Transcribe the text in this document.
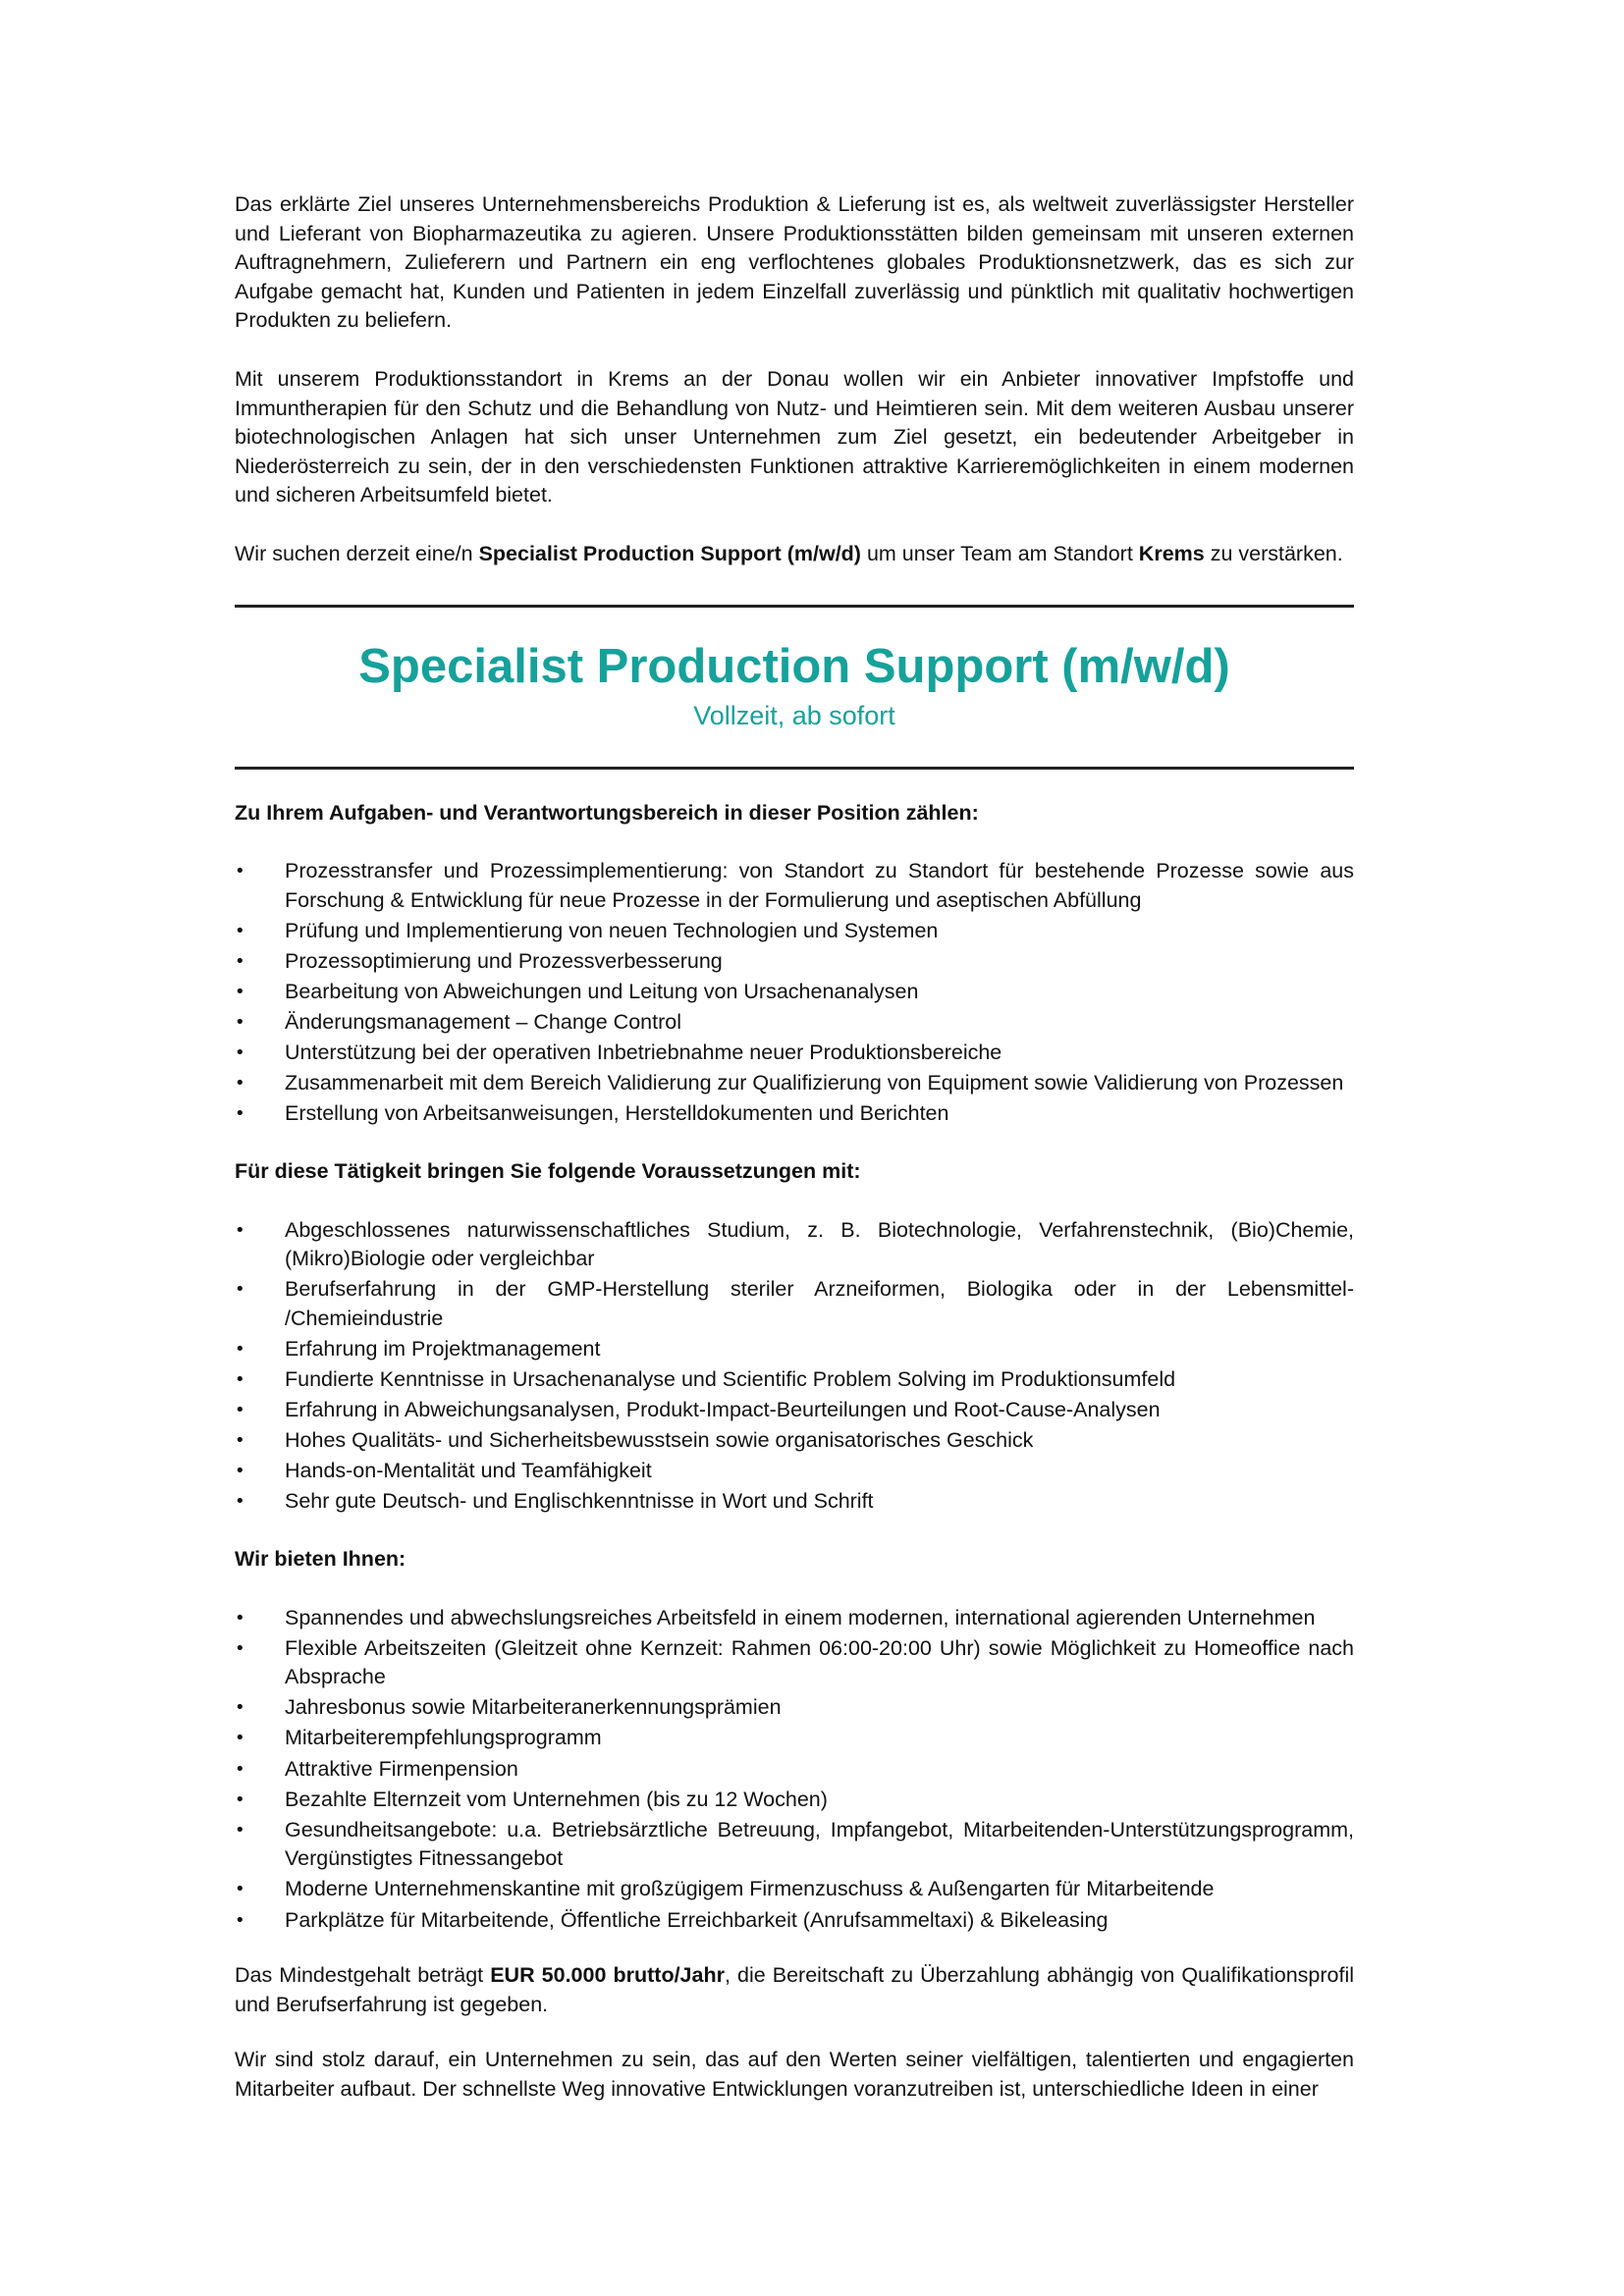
Das erklärte Ziel unseres Unternehmensbereichs Produktion & Lieferung ist es, als weltweit zuverlässigster Hersteller und Lieferant von Biopharmazeutika zu agieren. Unsere Produktionsstätten bilden gemeinsam mit unseren externen Auftragnehmern, Zulieferern und Partnern ein eng verflochtenes globales Produktionsnetzwerk, das es sich zur Aufgabe gemacht hat, Kunden und Patienten in jedem Einzelfall zuverlässig und pünktlich mit qualitativ hochwertigen Produkten zu beliefern.

Mit unserem Produktionsstandort in Krems an der Donau wollen wir ein Anbieter innovativer Impfstoffe und Immuntherapien für den Schutz und die Behandlung von Nutz- und Heimtieren sein. Mit dem weiteren Ausbau unserer biotechnologischen Anlagen hat sich unser Unternehmen zum Ziel gesetzt, ein bedeutender Arbeitgeber in Niederösterreich zu sein, der in den verschiedensten Funktionen attraktive Karrieremöglichkeiten in einem modernen und sicheren Arbeitsumfeld bietet.

Wir suchen derzeit eine/n Specialist Production Support (m/w/d) um unser Team am Standort Krems zu verstärken.

Specialist Production Support (m/w/d)
Vollzeit, ab sofort
Zu Ihrem Aufgaben- und Verantwortungsbereich in dieser Position zählen:
• Prozesstransfer und Prozessimplementierung: von Standort zu Standort für bestehende Prozesse sowie aus Forschung & Entwicklung für neue Prozesse in der Formulierung und aseptischen Abfüllung
• Prüfung und Implementierung von neuen Technologien und Systemen
• Prozessoptimierung und Prozessverbesserung
• Bearbeitung von Abweichungen und Leitung von Ursachenanalysen
• Änderungsmanagement – Change Control
• Unterstützung bei der operativen Inbetriebnahme neuer Produktionsbereiche
• Zusammenarbeit mit dem Bereich Validierung zur Qualifizierung von Equipment sowie Validierung von Prozessen
• Erstellung von Arbeitsanweisungen, Herstelldokumenten und Berichten
Für diese Tätigkeit bringen Sie folgende Voraussetzungen mit:
• Abgeschlossenes naturwissenschaftliches Studium, z. B. Biotechnologie, Verfahrenstechnik, (Bio)Chemie, (Mikro)Biologie oder vergleichbar
• Berufserfahrung in der GMP-Herstellung steriler Arzneiformen, Biologika oder in der Lebensmittel- /Chemieindustrie
• Erfahrung im Projektmanagement
• Fundierte Kenntnisse in Ursachenanalyse und Scientific Problem Solving im Produktionsumfeld
• Erfahrung in Abweichungsanalysen, Produkt-Impact-Beurteilungen und Root-Cause-Analysen
• Hohes Qualitäts- und Sicherheitsbewusstsein sowie organisatorisches Geschick
• Hands-on-Mentalität und Teamfähigkeit
• Sehr gute Deutsch- und Englischkenntnisse in Wort und Schrift
Wir bieten Ihnen:
• Spannendes und abwechslungsreiches Arbeitsfeld in einem modernen, international agierenden Unternehmen
• Flexible Arbeitszeiten (Gleitzeit ohne Kernzeit: Rahmen 06:00-20:00 Uhr) sowie Möglichkeit zu Homeoffice nach Absprache
• Jahresbonus sowie Mitarbeiteranerkennungsprämien
• Mitarbeiterempfehlungsprogramm
• Attraktive Firmenpension
• Bezahlte Elternzeit vom Unternehmen (bis zu 12 Wochen)
• Gesundheitsangebote: u.a. Betriebsärztliche Betreuung, Impfangebot, Mitarbeitenden-Unterstützungsprogramm, Vergünstigtes Fitnessangebot
• Moderne Unternehmenskantine mit großzügigem Firmenzuschuss & Außengarten für Mitarbeitende
• Parkplätze für Mitarbeitende, Öffentliche Erreichbarkeit (Anrufsammeltaxi) & Bikeleasing

Das Mindestgehalt beträgt EUR 50.000 brutto/Jahr, die Bereitschaft zu Überzahlung abhängig von Qualifikationsprofil und Berufserfahrung ist gegeben.

Wir sind stolz darauf, ein Unternehmen zu sein, das auf den Werten seiner vielfältigen, talentierten und engagierten Mitarbeiter aufbaut. Der schnellste Weg innovative Entwicklungen voranzutreiben ist, unterschiedliche Ideen in einer
